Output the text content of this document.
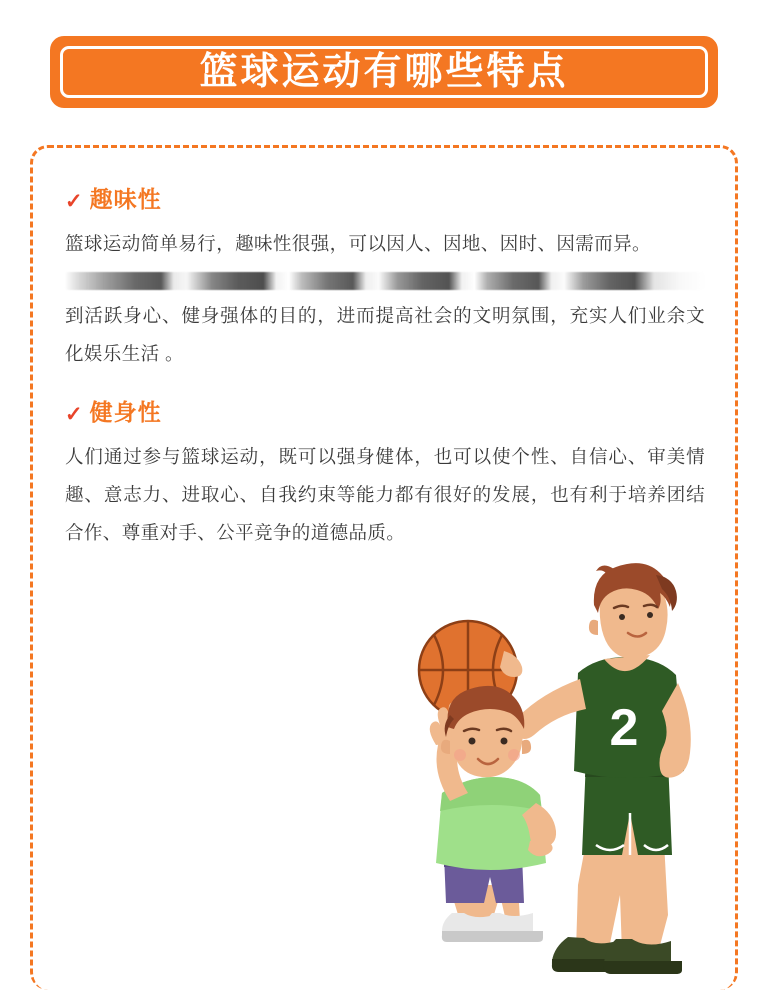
篮球运动有哪些特点
✓ 趣味性

篮球运动简单易行，趣味性很强，可以因人、因地、因时、因需而异。

到活跃身心、健身强体的目的，进而提高社会的文明氛围，充实人们业余文化娱乐生活 。

✓ 健身性

人们通过参与篮球运动，既可以强身健体，也可以使个性、自信心、审美情趣、意志力、进取心、自我约束等能力都有很好的发展，也有利于培养团结合作、尊重对手、公平竞争的道德品质。

2
